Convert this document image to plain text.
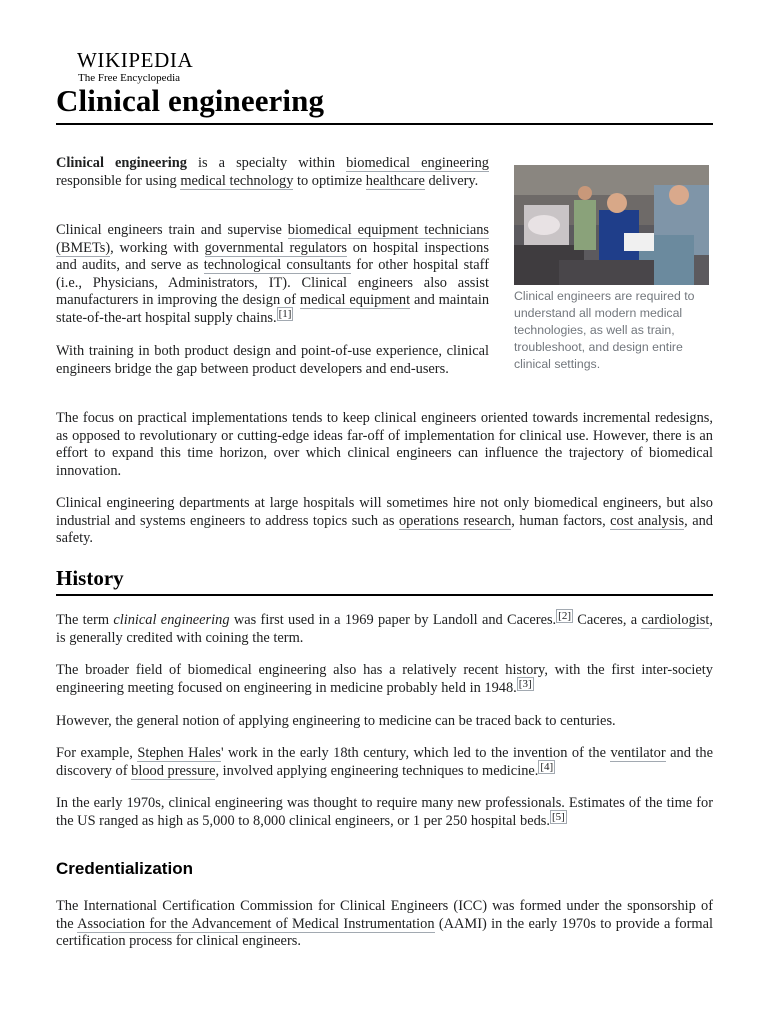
WIKIPEDIA
The Free Encyclopedia
Clinical engineering

Clinical engineering is a specialty within biomedical engineering responsible for using medical technology to optimize healthcare delivery.

Clinical engineers train and supervise biomedical equipment technicians (BMETs), working with governmental regulators on hospital inspections and audits, and serve as technological consultants for other hospital staff (i.e., Physicians, Administrators, IT). Clinical engineers also assist manufacturers in improving the design of medical equipment and maintain state-of-the-art hospital supply chains. [1]

With training in both product design and point-of-use experience, clinical engineers bridge the gap between product developers and end-users.

Clinical engineers are required to understand all modern medical technologies, as well as train, troubleshoot, and design entire clinical settings.

The focus on practical implementations tends to keep clinical engineers oriented towards incremental redesigns, as opposed to revolutionary or cutting-edge ideas far-off of implementation for clinical use. However, there is an effort to expand this time horizon, over which clinical engineers can influence the trajectory of biomedical innovation.

Clinical engineering departments at large hospitals will sometimes hire not only biomedical engineers, but also industrial and systems engineers to address topics such as operations research, human factors, cost analysis, and safety.

History

The term clinical engineering was first used in a 1969 paper by Landoll and Caceres. [2] Caceres, a cardiologist, is generally credited with coining the term.

The broader field of biomedical engineering also has a relatively recent history, with the first inter-society engineering meeting focused on engineering in medicine probably held in 1948. [3]

However, the general notion of applying engineering to medicine can be traced back to centuries.

For example, Stephen Hales' work in the early 18th century, which led to the invention of the ventilator and the discovery of blood pressure, involved applying engineering techniques to medicine. [4]

In the early 1970s, clinical engineering was thought to require many new professionals. Estimates of the time for the US ranged as high as 5,000 to 8,000 clinical engineers, or 1 per 250 hospital beds. [5]

Credentialization

The International Certification Commission for Clinical Engineers (ICC) was formed under the sponsorship of the Association for the Advancement of Medical Instrumentation (AAMI) in the early 1970s to provide a formal certification process for clinical engineers.
